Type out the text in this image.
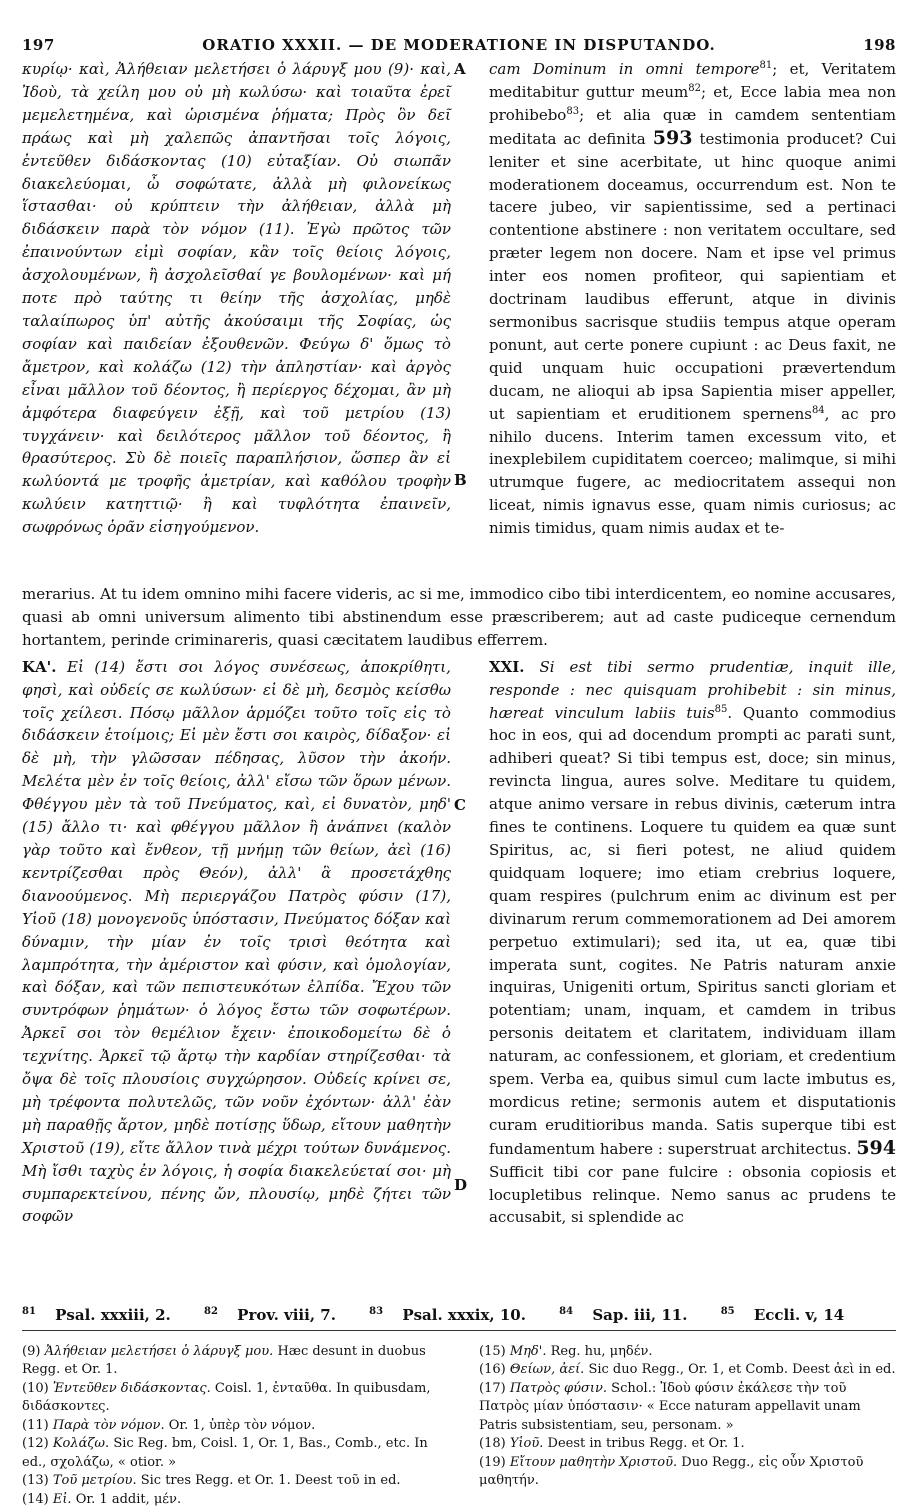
197	ORATIO XXXII. — DE MODERATIONE IN DISPUTANDO.	198
A
B

κυρίῳ· καὶ, Ἀλήθειαν μελετήσει ὁ λάρυγξ μου (9)· καὶ, Ἰδοὺ, τὰ χείλη μου οὐ μὴ κωλύσω· καὶ τοιαῦτα ἐρεῖ μεμελετημένα, καὶ ὡρισμένα ῥήματα; Πρὸς ὃν δεῖ πράως καὶ μὴ χαλεπῶς ἀπαντῆσαι τοῖς λόγοις, ἐντεῦθεν διδάσκοντας (10) εὐταξίαν. Οὐ σιωπᾶν διακελεύομαι, ὦ σοφώτατε, ἀλλὰ μὴ φιλονείκως ἵστασθαι· οὐ κρύπτειν τὴν ἀλήθειαν, ἀλλὰ μὴ διδάσκειν παρὰ τὸν νόμον (11). Ἐγὼ πρῶτος τῶν ἐπαινούντων εἰμὶ σοφίαν, κἂν τοῖς θείοις λόγοις, ἀσχολουμένων, ἢ ἀσχολεῖσθαί γε βουλομένων· καὶ μή ποτε πρὸ ταύτης τι θείην τῆς ἀσχολίας, μηδὲ ταλαίπωρος ὑπ' αὐτῆς ἀκούσαιμι τῆς Σοφίας, ὡς σοφίαν καὶ παιδείαν ἐξουθενῶν. Φεύγω δ' ὅμως τὸ ἄμετρον, καὶ κολάζω (12) τὴν ἀπληστίαν· καὶ ἀργὸς εἶναι μᾶλλον τοῦ δέοντος, ἢ περίεργος δέχομαι, ἂν μὴ ἀμφότερα διαφεύγειν ἐξῇ, καὶ τοῦ μετρίου (13) τυγχάνειν· καὶ δειλότερος μᾶλλον τοῦ δέοντος, ἢ θρασύτερος. Σὺ δὲ ποιεῖς παραπλήσιον, ὥσπερ ἂν εἰ κωλύοντά με τροφῆς ἀμετρίαν, καὶ καθόλου τροφὴν κωλύειν κατηττιῷ· ἢ καὶ τυφλότητα ἐπαινεῖν, σωφρόνως ὁρᾶν εἰσηγούμενον.

cam Dominum in omni tempore$^{81}$; et, Veritatem meditabitur guttur meum$^{82}$; et, Ecce labia mea non prohibebo$^{83}$; et alia quæ in camdem sententiam meditata ac definita 593 testimonia producet? Cui leniter et sine acerbitate, ut hinc quoque animi moderationem doceamus, occurrendum est. Non te tacere jubeo, vir sapientissime, sed a pertinaci contentione abstinere : non veritatem occultare, sed præter legem non docere. Nam et ipse vel primus inter eos nomen profiteor, qui sapientiam et doctrinam laudibus efferunt, atque in divinis sermonibus sacrisque studiis tempus atque operam ponunt, aut certe ponere cupiunt : ac Deus faxit, ne quid unquam huic occupationi prævertendum ducam, ne alioqui ab ipsa Sapientia miser appeller, ut sapientiam et eruditionem spernens$^{84}$, ac pro nihilo ducens. Interim tamen excessum vito, et inexplebilem cupiditatem coerceo; malimque, si mihi utrumque fugere, ac mediocritatem assequi non liceat, nimis ignavus esse, quam nimis curiosus; ac nimis timidus, quam nimis audax et te-

merarius. At tu idem omnino mihi facere videris, ac si me, immodico cibo tibi interdicentem, eo nomine accusares, quasi ab omni universum alimento tibi abstinendum esse præscriberem; aut ad caste pudiceque cernendum hortantem, perinde criminareris, quasi cæcitatem laudibus efferrem.
C
D

ΚΑ'. Εἰ (14) ἔστι σοι λόγος συνέσεως, ἀποκρίθητι, φησὶ, καὶ οὐδείς σε κωλύσων· εἰ δὲ μὴ, δεσμὸς κείσθω τοῖς χείλεσι. Πόσῳ μᾶλλον ἁρμόζει τοῦτο τοῖς εἰς τὸ διδάσκειν ἑτοίμοις; Εἰ μὲν ἔστι σοι καιρὸς, δίδαξον· εἰ δὲ μὴ, τὴν γλῶσσαν πέδησας, λῦσον τὴν ἀκοήν. Μελέτα μὲν ἐν τοῖς θείοις, ἀλλ' εἴσω τῶν ὅρων μένων. Φθέγγου μὲν τὰ τοῦ Πνεύματος, καὶ, εἰ δυνατὸν, μηδ' (15) ἄλλο τι· καὶ φθέγγου μᾶλλον ἢ ἀνάπνει (καλὸν γὰρ τοῦτο καὶ ἔνθεον, τῇ μνήμῃ τῶν θείων, ἀεὶ (16) κεντρίζεσθαι πρὸς Θεόν), ἀλλ' ἃ προσετάχθης διανοούμενος. Μὴ περιεργάζου Πατρὸς φύσιν (17), Υἱοῦ (18) μονογενοῦς ὑπόστασιν, Πνεύματος δόξαν καὶ δύναμιν, τὴν μίαν ἐν τοῖς τρισὶ θεότητα καὶ λαμπρότητα, τὴν ἀμέριστον καὶ φύσιν, καὶ ὁμολογίαν, καὶ δόξαν, καὶ τῶν πεπιστευκότων ἐλπίδα. Ἔχου τῶν συντρόφων ῥημάτων· ὁ λόγος ἔστω τῶν σοφωτέρων. Ἀρκεῖ σοι τὸν θεμέλιον ἔχειν· ἐποικοδομείτω δὲ ὁ τεχνίτης. Ἀρκεῖ τῷ ἄρτῳ τὴν καρδίαν στηρίζεσθαι· τὰ ὄψα δὲ τοῖς πλουσίοις συγχώρησον. Οὐδείς κρίνει σε, μὴ τρέφοντα πολυτελῶς, τῶν νοῦν ἐχόντων· ἀλλ' ἐὰν μὴ παραθῇς ἄρτον, μηδὲ ποτίσῃς ὕδωρ, εἴτουν μαθητὴν Χριστοῦ (19), εἴτε ἄλλον τινὰ μέχρι τούτων δυνάμενος. Μὴ ἴσθι ταχὺς ἐν λόγοις, ἡ σοφία διακελεύεταί σοι· μὴ συμπαρεκτείνου, πένης ὤν, πλουσίῳ, μηδὲ ζήτει τῶν σοφῶν

XXI. Si est tibi sermo prudentiæ, inquit ille, responde : nec quisquam prohibebit : sin minus, hæreat vinculum labiis tuis$^{85}$. Quanto commodius hoc in eos, qui ad docendum prompti ac parati sunt, adhiberi queat? Si tibi tempus est, doce; sin minus, revincta lingua, aures solve. Meditare tu quidem, atque animo versare in rebus divinis, cæterum intra fines te continens. Loquere tu quidem ea quæ sunt Spiritus, ac, si fieri potest, ne aliud quidem quidquam loquere; imo etiam crebrius loquere, quam respires (pulchrum enim ac divinum est per divinarum rerum commemorationem ad Dei amorem perpetuo extimulari); sed ita, ut ea, quæ tibi imperata sunt, cogites. Ne Patris naturam anxie inquiras, Unigeniti ortum, Spiritus sancti gloriam et potentiam; unam, inquam, et camdem in tribus personis deitatem et claritatem, individuam illam naturam, ac confessionem, et gloriam, et credentium spem. Verba ea, quibus simul cum lacte imbutus es, mordicus retine; sermonis autem et disputationis curam eruditioribus manda. Satis superque tibi est fundamentum habere : superstruat architectus. 594 Sufficit tibi cor pane fulcire : obsonia copiosis et locupletibus relinque. Nemo sanus ac prudens te accusabit, si splendide ac

$^{81}$ Psal. xxxiii, 2.	$^{82}$ Prov. viii, 7.	$^{83}$ Psal. xxxix, 10.	$^{84}$ Sap. iii, 11.	$^{85}$ Eccli. v, 14

(9) Ἀλήθειαν μελετήσει ὁ λάρυγξ μου. Hæc desunt in duobus Regg. et Or. 1.

(10) Ἐντεῦθεν διδάσκοντας. Coisl. 1, ἐνταῦθα. In quibusdam, διδάσκοντες.

(11) Παρὰ τὸν νόμον. Or. 1, ὑπὲρ τὸν νόμον.

(12) Κολάζω. Sic Reg. bm, Coisl. 1, Or. 1, Bas., Comb., etc. In ed., σχολάζω, « otior. »

(13) Τοῦ μετρίου. Sic tres Regg. et Or. 1. Deest τοῦ in ed.

(14) Εἰ. Or. 1 addit, μέν.

(15) Μηδ'. Reg. hu, μηδέν.

(16) Θείων, ἀεί. Sic duo Regg., Or. 1, et Comb. Deest ἀεὶ in ed.

(17) Πατρὸς φύσιν. Schol.: Ἰδοὺ φύσιν ἐκάλεσε τὴν τοῦ Πατρὸς μίαν ὑπόστασιν· « Ecce naturam appellavit unam Patris subsistentiam, seu, personam. »

(18) Υἱοῦ. Deest in tribus Regg. et Or. 1.

(19) Εἴτουν μαθητὴν Χριστοῦ. Duo Regg., εἰς οὖν Χριστοῦ μαθητήν.
